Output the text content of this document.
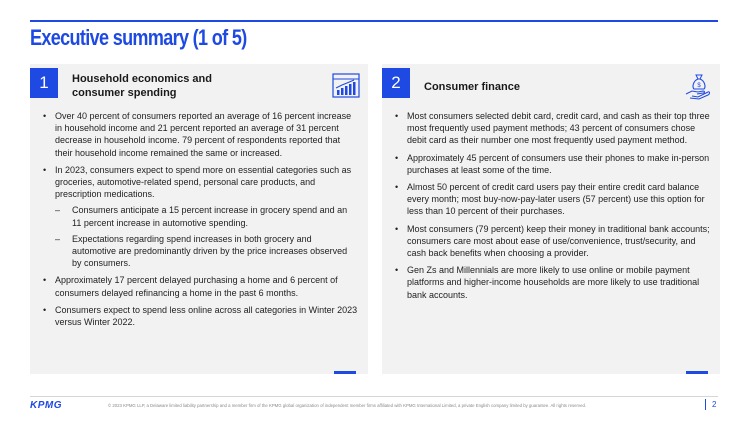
Executive summary (1 of 5)
1	Household economics and
consumer spending
• Over 40 percent of consumers reported an average of 16 percent increase in household income and 21 percent reported an average of 31 percent decrease in household income. 79 percent of respondents reported that their household income remained the same or increased.
• In 2023, consumers expect to spend more on essential categories such as groceries, automotive-related spend, personal care products, and prescription medications.
– Consumers anticipate a 15 percent increase in grocery spend and an 11 percent increase in automotive spending.
– Expectations regarding spend increases in both grocery and automotive are predominantly driven by the price increases observed by consumers.
• Approximately 17 percent delayed purchasing a home and 6 percent of consumers delayed refinancing a home in the past 6 months.
• Consumers expect to spend less online across all categories in Winter 2023 versus Winter 2022.
2	Consumer finance	$
• Most consumers selected debit card, credit card, and cash as their top three most frequently used payment methods; 43 percent of consumers chose debit card as their number one most frequently used payment method.
• Approximately 45 percent of consumers use their phones to make in-person purchases at least some of the time.
• Almost 50 percent of credit card users pay their entire credit card balance every month; most buy-now-pay-later users (57 percent) use this option for less than 10 percent of their purchases.
• Most consumers (79 percent) keep their money in traditional bank accounts; consumers care most about ease of use/convenience, trust/security, and cash back benefits when choosing a provider.
• Gen Zs and Millennials are more likely to use online or mobile payment platforms and higher-income households are more likely to use traditional bank accounts.
KPMG	© 2023 KPMG LLP, a Delaware limited liability partnership and a member firm of the KPMG global organization of independent member firms affiliated with KPMG International Limited, a private English company limited by guarantee. All rights reserved.	2
